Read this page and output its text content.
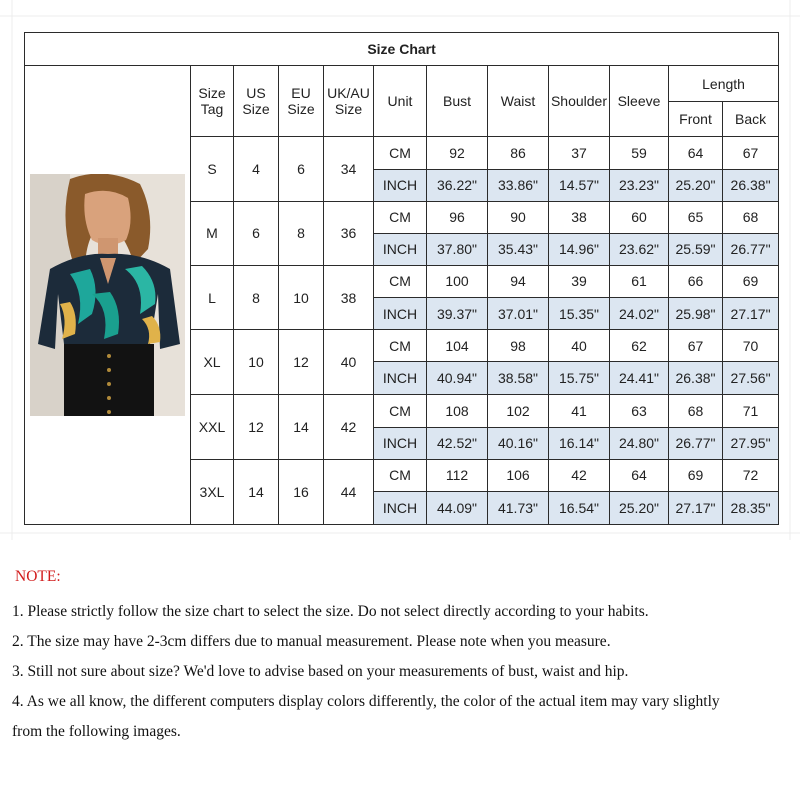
Size Chart											

	Size Tag	US Size	EU Size	UK/AU Size	Unit	Bust	Waist	Shoulder	Sleeve	Length	
										Front	Back
	S	4	6	34	CM	92	86	37	59	64	67
					INCH	36.22"	33.86"	14.57"	23.23"	25.20"	26.38"
	M	6	8	36	CM	96	90	38	60	65	68
					INCH	37.80"	35.43"	14.96"	23.62"	25.59"	26.77"
	L	8	10	38	CM	100	94	39	61	66	69
					INCH	39.37"	37.01"	15.35"	24.02"	25.98"	27.17"
	XL	10	12	40	CM	104	98	40	62	67	70
					INCH	40.94"	38.58"	15.75"	24.41"	26.38"	27.56"
	XXL	12	14	42	CM	108	102	41	63	68	71
					INCH	42.52"	40.16"	16.14"	24.80"	26.77"	27.95"
	3XL	14	16	44	CM	112	106	42	64	69	72
					INCH	44.09"	41.73"	16.54"	25.20"	27.17"	28.35"
NOTE:
1. Please strictly follow the size chart to select the size. Do not select directly according to your habits.
2. The size may have 2-3cm differs due to manual measurement. Please note when you measure.
3. Still not sure about size? We'd love to advise based on your measurements of bust, waist and hip.
4. As we all know, the different computers display colors differently, the color of the actual item may vary slightly
from the following images.
